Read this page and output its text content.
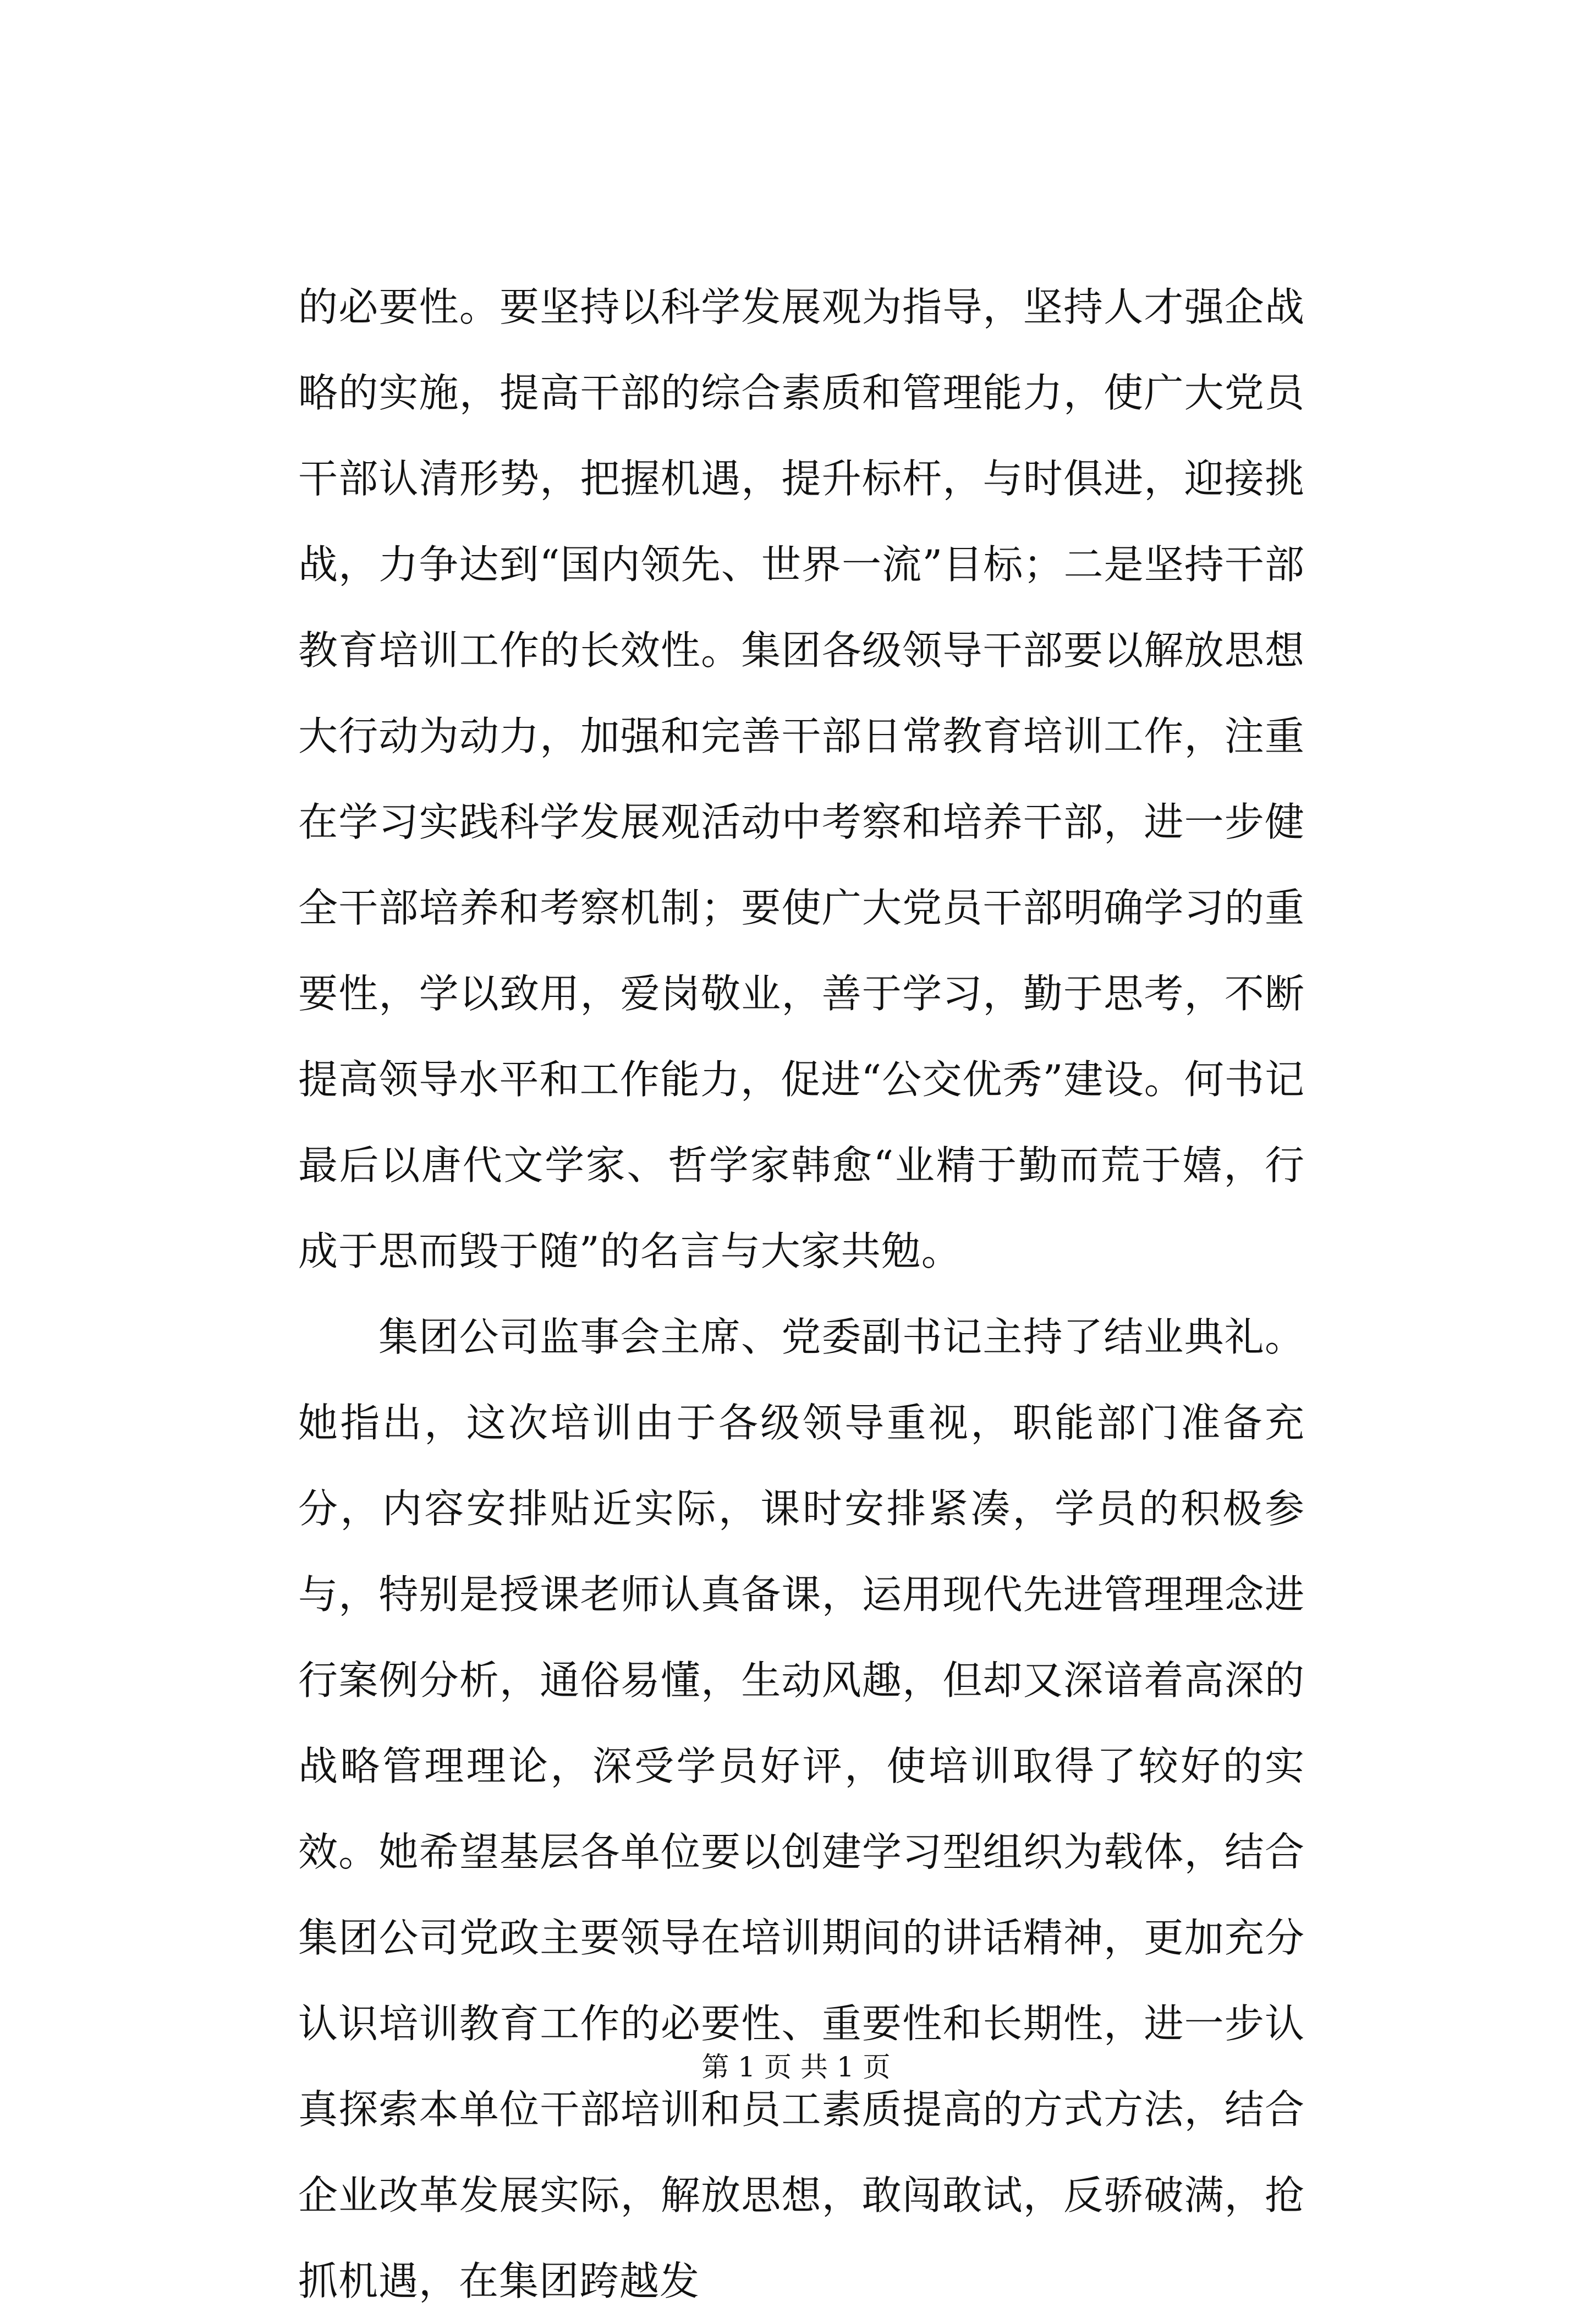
的必要性。要坚持以科学发展观为指导，坚持人才强企战略的实施，提高干部的综合素质和管理能力，使广大党员干部认清形势，把握机遇，提升标杆，与时俱进，迎接挑战，力争达到“国内领先、世界一流”目标；二是坚持干部教育培训工作的长效性。集团各级领导干部要以解放思想大行动为动力，加强和完善干部日常教育培训工作，注重在学习实践科学发展观活动中考察和培养干部，进一步健全干部培养和考察机制；要使广大党员干部明确学习的重要性，学以致用，爱岗敬业，善于学习，勤于思考，不断提高领导水平和工作能力，促进“公交优秀”建设。何书记最后以唐代文学家、哲学家韩愈“业精于勤而荒于嬉，行成于思而毁于随”的名言与大家共勉。

集团公司监事会主席、党委副书记主持了结业典礼。她指出，这次培训由于各级领导重视，职能部门准备充分，内容安排贴近实际，课时安排紧凑，学员的积极参与，特别是授课老师认真备课，运用现代先进管理理念进行案例分析，通俗易懂，生动风趣，但却又深谙着高深的战略管理理论，深受学员好评，使培训取得了较好的实效。她希望基层各单位要以创建学习型组织为载体，结合集团公司党政主要领导在培训期间的讲话精神，更加充分认识培训教育工作的必要性、重要性和长期性，进一步认真探索本单位干部培训和员工素质提高的方式方法，结合企业改革发展实际，解放思想，敢闯敢试，反骄破满，抢抓机遇，在集团跨越发

第 1 页 共 1 页
